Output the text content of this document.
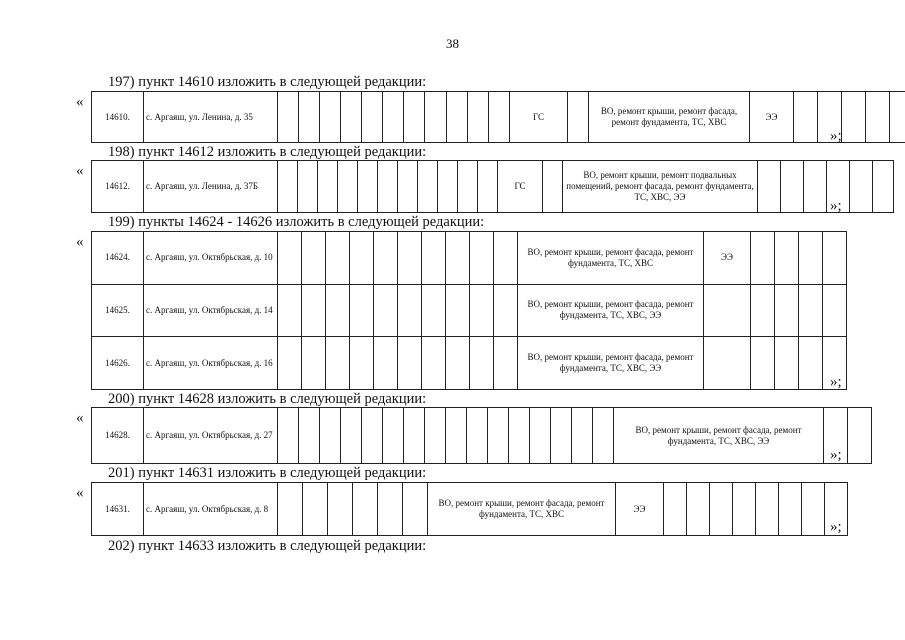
38
197) пункт 14610 изложить в следующей редакции:
«
14610.	с. Аргаяш, ул. Ленина, д. 35												ГС		ВО, ремонт крыши, ремонт фасада, ремонт фундамента, ТС, ХВС	ЭЭ					
»;
198) пункт 14612 изложить в следующей редакции:
«
14612.	с. Аргаяш, ул. Ленина, д. 37Б												ГС		ВО, ремонт крыши, ремонт подвальных помещений, ремонт фасада, ремонт фундамента, ТС, ХВС, ЭЭ						
»;
199) пункты 14624 - 14626 изложить в следующей редакции:
«
14624.	с. Аргаяш, ул. Октябрьская, д. 10											ВО, ремонт крыши, ремонт фасада, ремонт фундамента, ТС, ХВС	ЭЭ				
14625.	с. Аргаяш, ул. Октябрьская, д. 14											ВО, ремонт крыши, ремонт фасада, ремонт фундамента, ТС, ХВС, ЭЭ					
14626.	с. Аргаяш, ул. Октябрьская, д. 16											ВО, ремонт крыши, ремонт фасада, ремонт фундамента, ТС, ХВС, ЭЭ					
»;
200) пункт 14628 изложить в следующей редакции:
«
14628.	с. Аргаяш, ул. Октябрьская, д. 27																	ВО, ремонт крыши, ремонт фасада, ремонт фундамента, ТС, ХВС, ЭЭ		
»;
201) пункт 14631 изложить в следующей редакции:
«
14631.	с. Аргаяш, ул. Октябрьская, д. 8							ВО, ремонт крыши, ремонт фасада, ремонт фундамента, ТС, ХВС	ЭЭ								
»;
202) пункт 14633 изложить в следующей редакции:
